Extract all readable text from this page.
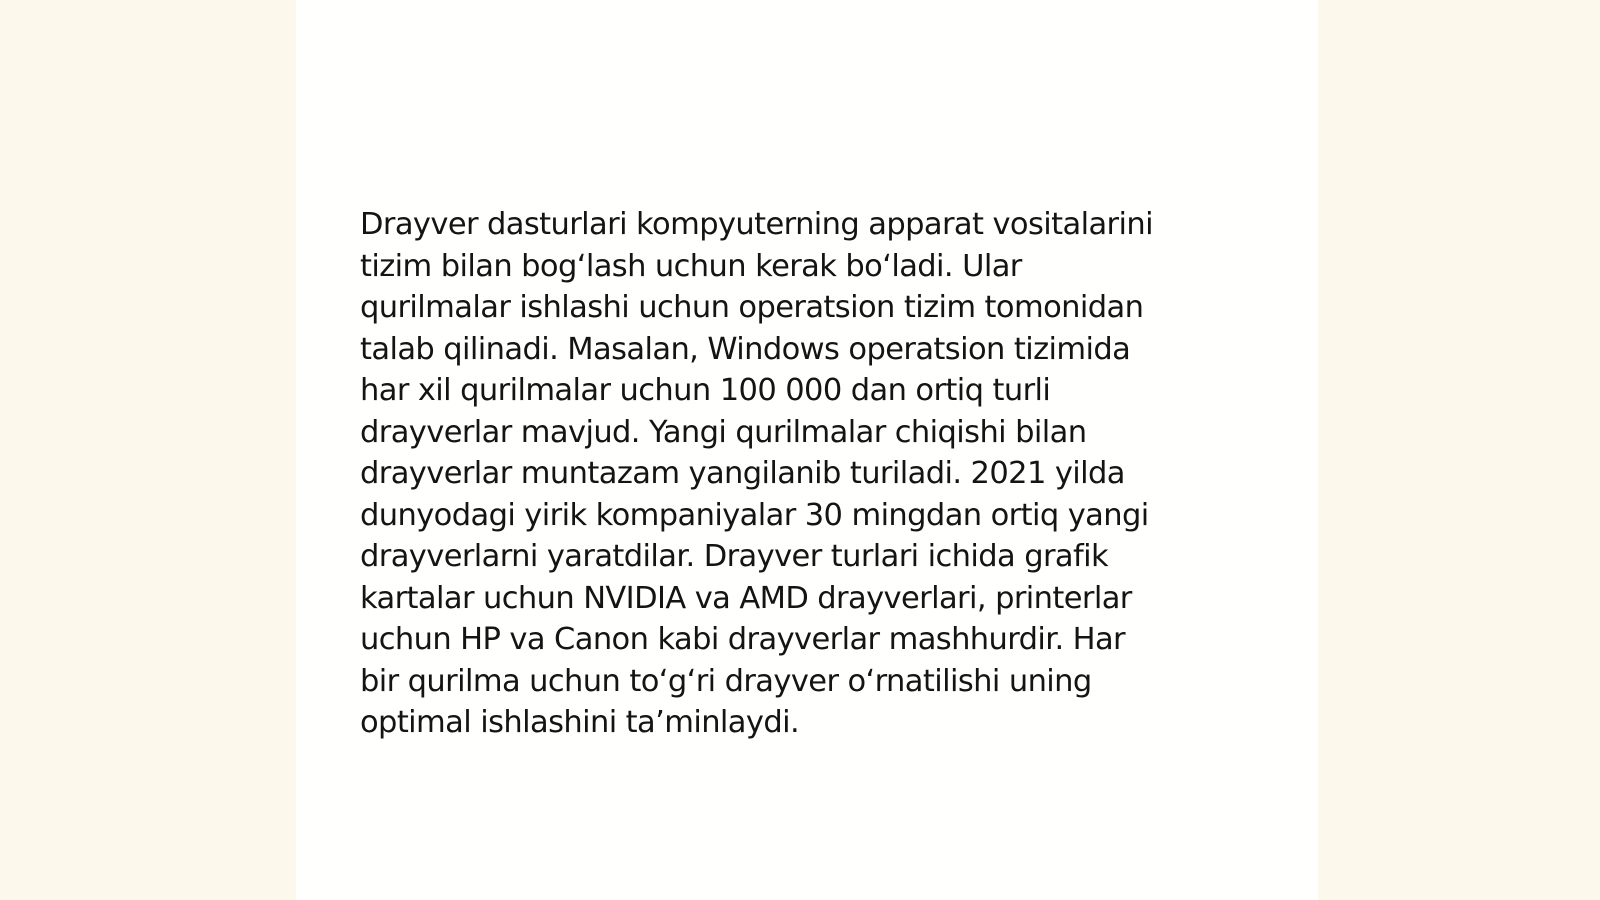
Drayver dasturlari kompyuterning apparat vositalarini
tizim bilan bog‘lash uchun kerak bo‘ladi. Ular
qurilmalar ishlashi uchun operatsion tizim tomonidan
talab qilinadi. Masalan, Windows operatsion tizimida
har xil qurilmalar uchun 100 000 dan ortiq turli
drayverlar mavjud. Yangi qurilmalar chiqishi bilan
drayverlar muntazam yangilanib turiladi. 2021 yilda
dunyodagi yirik kompaniyalar 30 mingdan ortiq yangi
drayverlarni yaratdilar. Drayver turlari ichida grafik
kartalar uchun NVIDIA va AMD drayverlari, printerlar
uchun HP va Canon kabi drayverlar mashhurdir. Har
bir qurilma uchun to‘g‘ri drayver o‘rnatilishi uning
optimal ishlashini ta’minlaydi.
